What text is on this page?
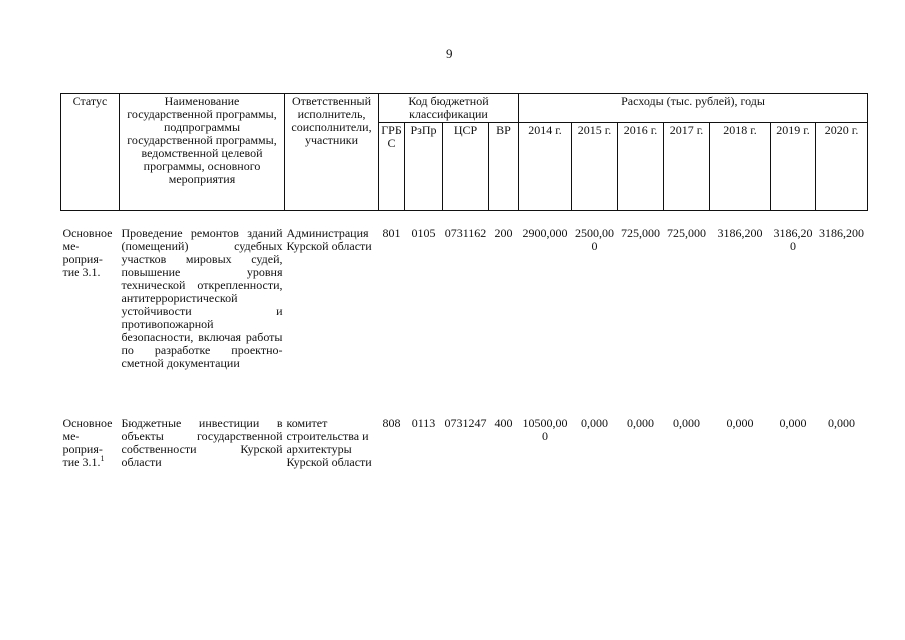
9
Статус	Наименование государственной программы, подпрограммы государственной программы, ведомственной целевой программы, основного мероприятия	Ответственный исполнитель, соисполнители, участники	Код бюджетной классификации				Расходы (тыс. рублей), годы						
			ГРБС	РзПр	ЦСР	ВР	2014 г.	2015 г.	2016 г.	2017 г.	2018 г.	2019 г.	2020 г.

Основное ме-роприя-тие 3.1.	Проведение ремонтов зданий (помещений) судебных участков мировых судей, повышение уровня технической открепленности, антитеррористической устойчивости и противопожарной безопасности, включая работы по разработке проектно-сметной документации	Администрация Курской области	801	0105	0731162	200	2900,000	2500,000	725,000	725,000	3186,200	3186,200	3186,200
Основное ме-роприя-тие 3.1.$^1$	Бюджетные инвестиции в объекты государственной собственности Курской области	комитет строительства и архитектуры Курской области	808	0113	0731247	400	10500,000	0,000	0,000	0,000	0,000	0,000	0,000
